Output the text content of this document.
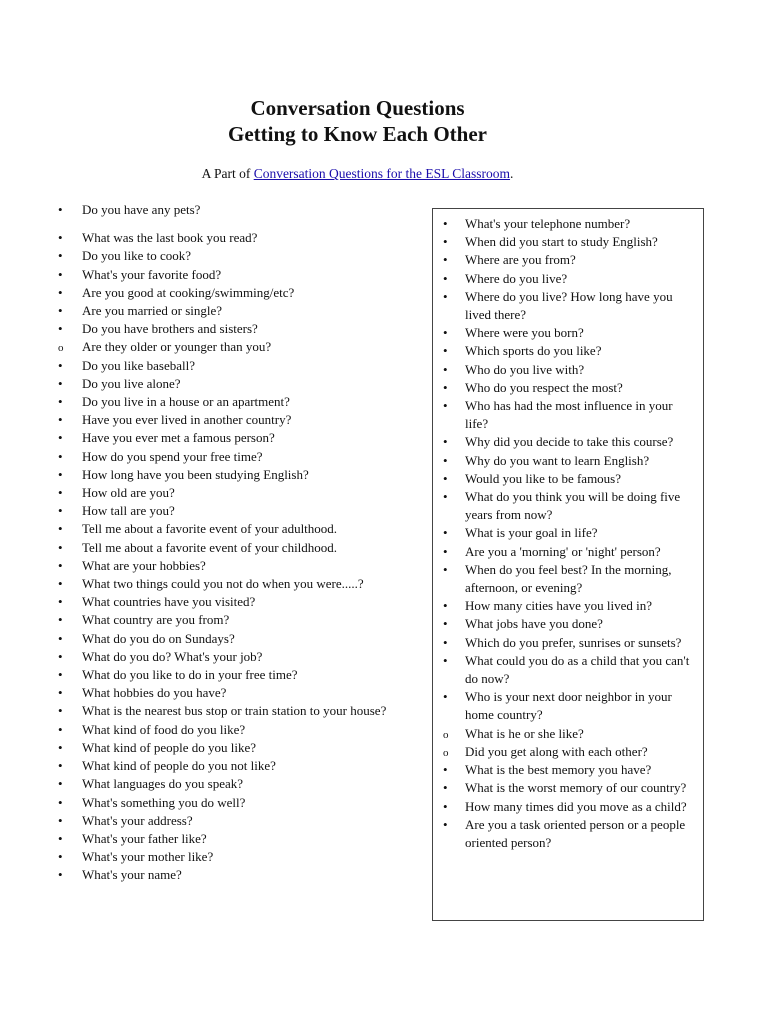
Conversation Questions
Getting to Know Each Other
A Part of Conversation Questions for the ESL Classroom.
•
Do you have any pets?
•
What was the last book you read?
•
Do you like to cook?
•
What's your favorite food?
•
Are you good at cooking/swimming/etc?
•
Are you married or single?
•
Do you have brothers and sisters?
o
Are they older or younger than you?
•
Do you like baseball?
•
Do you live alone?
•
Do you live in a house or an apartment?
•
Have you ever lived in another country?
•
Have you ever met a famous person?
•
How do you spend your free time?
•
How long have you been studying English?
•
How old are you?
•
How tall are you?
•
Tell me about a favorite event of your adulthood.
•
Tell me about a favorite event of your childhood.
•
What are your hobbies?
•
What two things could you not do when you were.....?
•
What countries have you visited?
•
What country are you from?
•
What do you do on Sundays?
•
What do you do? What's your job?
•
What do you like to do in your free time?
•
What hobbies do you have?
•
What is the nearest bus stop or train station to your house?
•
What kind of food do you like?
•
What kind of people do you like?
•
What kind of people do you not like?
•
What languages do you speak?
•
What's something you do well?
•
What's your address?
•
What's your father like?
•
What's your mother like?
•
What's your name?
•
What's your telephone number?
•
When did you start to study English?
•
Where are you from?
•
Where do you live?
•
Where do you live? How long have you lived there?
•
Where were you born?
•
Which sports do you like?
•
Who do you live with?
•
Who do you respect the most?
•
Who has had the most influence in your life?
•
Why did you decide to take this course?
•
Why do you want to learn English?
•
Would you like to be famous?
•
What do you think you will be doing five years from now?
•
What is your goal in life?
•
Are you a 'morning' or 'night' person?
•
When do you feel best? In the morning, afternoon, or evening?
•
How many cities have you lived in?
•
What jobs have you done?
•
Which do you prefer, sunrises or sunsets?
•
What could you do as a child that you can't do now?
•
Who is your next door neighbor in your home country?
o
What is he or she like?
o
Did you get along with each other?
•
What is the best memory you have?
•
What is the worst memory of our country?
•
How many times did you move as a child?
•
Are you a task oriented person or a people oriented person?
